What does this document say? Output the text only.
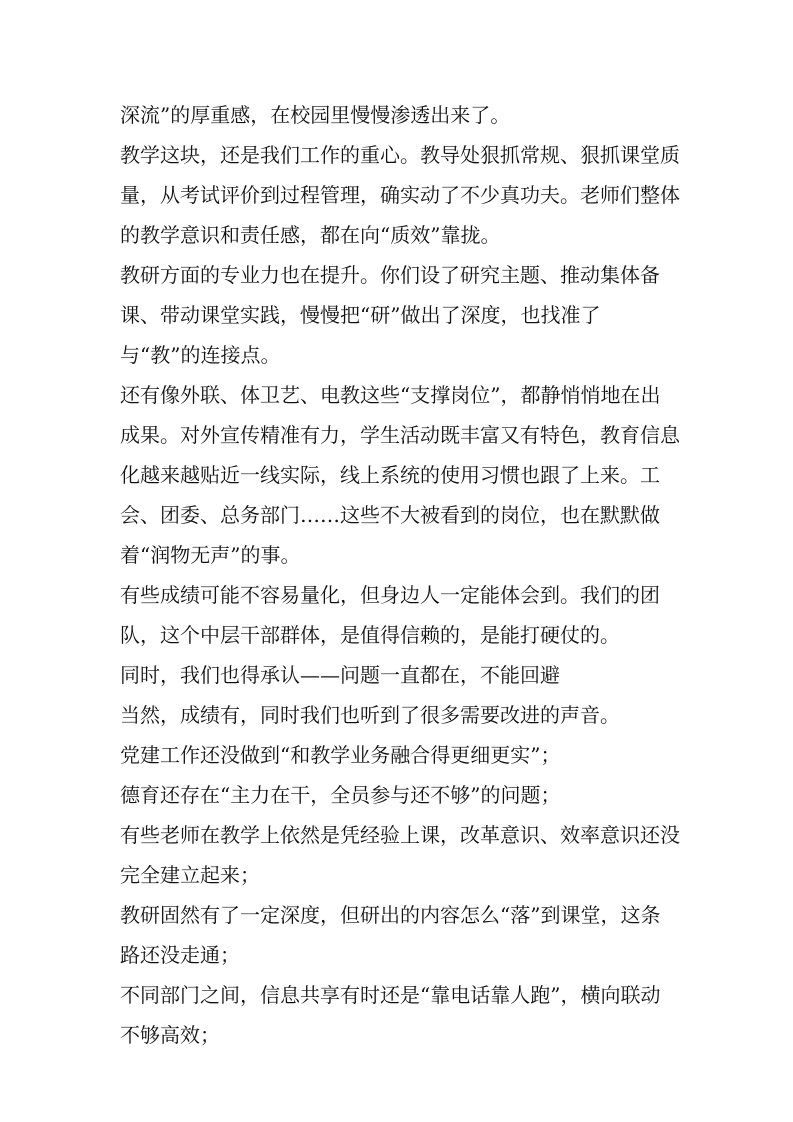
深流”的厚重感，在校园里慢慢渗透出来了。

教学这块，还是我们工作的重心。教导处狠抓常规、狠抓课堂质量，从考试评价到过程管理，确实动了不少真功夫。老师们整体的教学意识和责任感，都在向“质效”靠拢。

教研方面的专业力也在提升。你们设了研究主题、推动集体备课、带动课堂实践，慢慢把“研”做出了深度，也找准了与“教”的连接点。

还有像外联、体卫艺、电教这些“支撑岗位”，都静悄悄地在出成果。对外宣传精准有力，学生活动既丰富又有特色，教育信息化越来越贴近一线实际，线上系统的使用习惯也跟了上来。工会、团委、总务部门……这些不大被看到的岗位，也在默默做着“润物无声”的事。

有些成绩可能不容易量化，但身边人一定能体会到。我们的团队，这个中层干部群体，是值得信赖的，是能打硬仗的。

同时，我们也得承认——问题一直都在，不能回避

当然，成绩有，同时我们也听到了很多需要改进的声音。

党建工作还没做到“和教学业务融合得更细更实”；

德育还存在“主力在干，全员参与还不够”的问题；

有些老师在教学上依然是凭经验上课，改革意识、效率意识还没完全建立起来；

教研固然有了一定深度，但研出的内容怎么“落”到课堂，这条路还没走通；

不同部门之间，信息共享有时还是“靠电话靠人跑”，横向联动不够高效；
